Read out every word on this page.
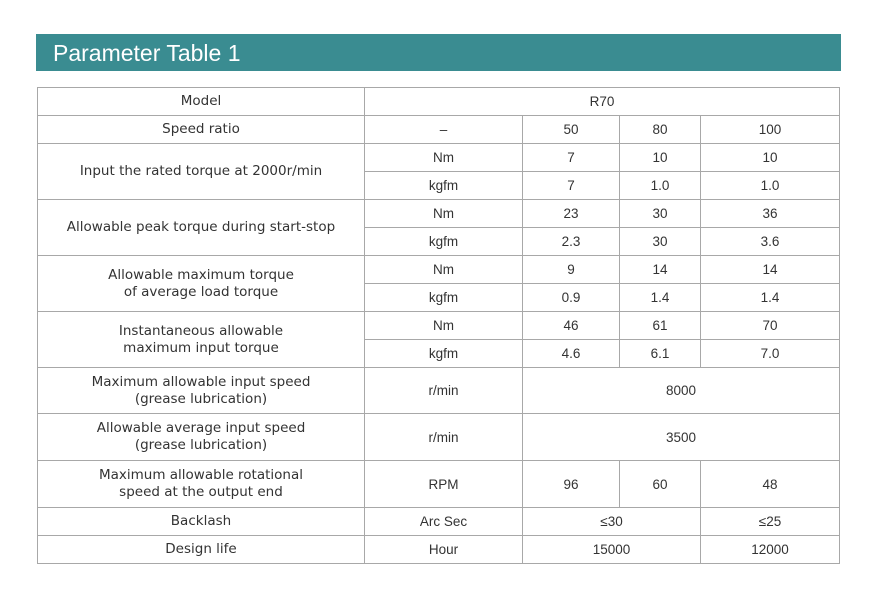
Parameter Table 1
Model	R70			
Speed ratio	–	50	80	100
Input the rated torque at 2000r/min	Nm	7	10	10
	kgfm	7	1.0	1.0
Allowable peak torque during start-stop	Nm	23	30	36
	kgfm	2.3	30	3.6

Allowable maximum torque
of average load torque	Nm	9	14	14
	kgfm	0.9	1.4	1.4

Instantaneous allowable
maximum input torque	Nm	46	61	70
	kgfm	4.6	6.1	7.0

Maximum allowable input speed
(grease lubrication)	r/min	8000		

Allowable average input speed
(grease lubrication)	r/min	3500		

Maximum allowable rotational
speed at the output end	RPM	96	60	48
Backlash	Arc Sec	≤30		≤25
Design life	Hour	15000		12000
